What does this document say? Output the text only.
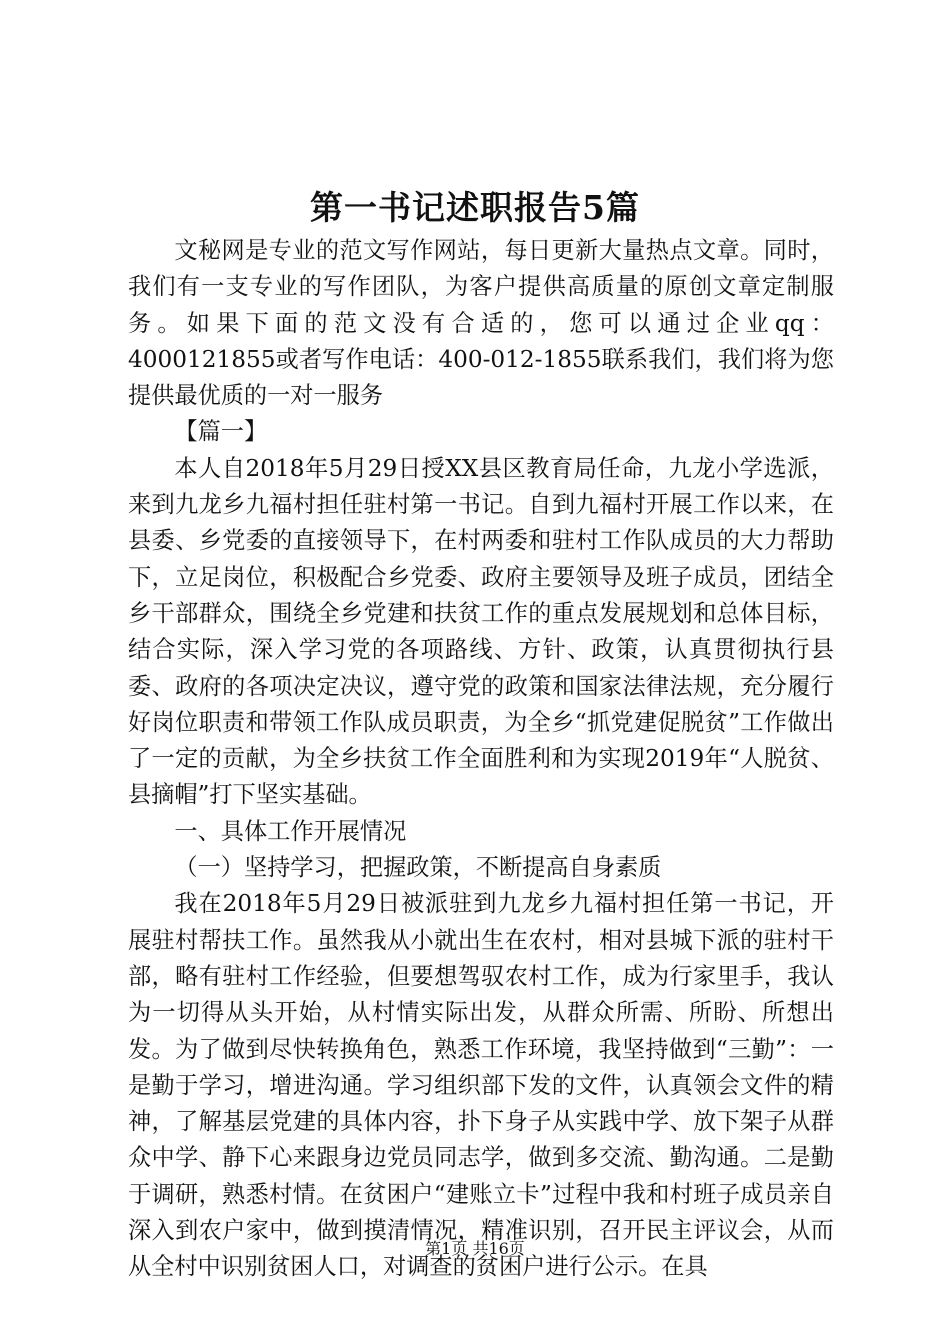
第一书记述职报告5篇

文秘网是专业的范文写作网站，每日更新大量热点文章。同时，我们有一支专业的写作团队，为客户提供高质量的原创文章定制服务。如果下面的范文没有合适的，您可以通过企业qq：4000121855或者写作电话：400-012-1855联系我们，我们将为您提供最优质的一对一服务

【篇一】

本人自2018年5月29日授XX县区教育局任命，九龙小学选派，来到九龙乡九福村担任驻村第一书记。自到九福村开展工作以来，在县委、乡党委的直接领导下，在村两委和驻村工作队成员的大力帮助下，立足岗位，积极配合乡党委、政府主要领导及班子成员，团结全乡干部群众，围绕全乡党建和扶贫工作的重点发展规划和总体目标，结合实际，深入学习党的各项路线、方针、政策，认真贯彻执行县委、政府的各项决定决议，遵守党的政策和国家法律法规，充分履行好岗位职责和带领工作队成员职责，为全乡“抓党建促脱贫”工作做出了一定的贡献，为全乡扶贫工作全面胜利和为实现2019年“人脱贫、县摘帽”打下坚实基础。

一、具体工作开展情况

（一）坚持学习，把握政策，不断提高自身素质

我在2018年5月29日被派驻到九龙乡九福村担任第一书记，开展驻村帮扶工作。虽然我从小就出生在农村，相对县城下派的驻村干部，略有驻村工作经验，但要想驾驭农村工作，成为行家里手，我认为一切得从头开始，从村情实际出发，从群众所需、所盼、所想出发。为了做到尽快转换角色，熟悉工作环境，我坚持做到“三勤”：一是勤于学习，增进沟通。学习组织部下发的文件，认真领会文件的精神，了解基层党建的具体内容，扑下身子从实践中学、放下架子从群众中学、静下心来跟身边党员同志学，做到多交流、勤沟通。二是勤于调研，熟悉村情。在贫困户“建账立卡”过程中我和村班子成员亲自深入到农户家中，做到摸清情况，精准识别，召开民主评议会，从而从全村中识别贫困人口，对调查的贫困户进行公示。在具

第1页 共16页
